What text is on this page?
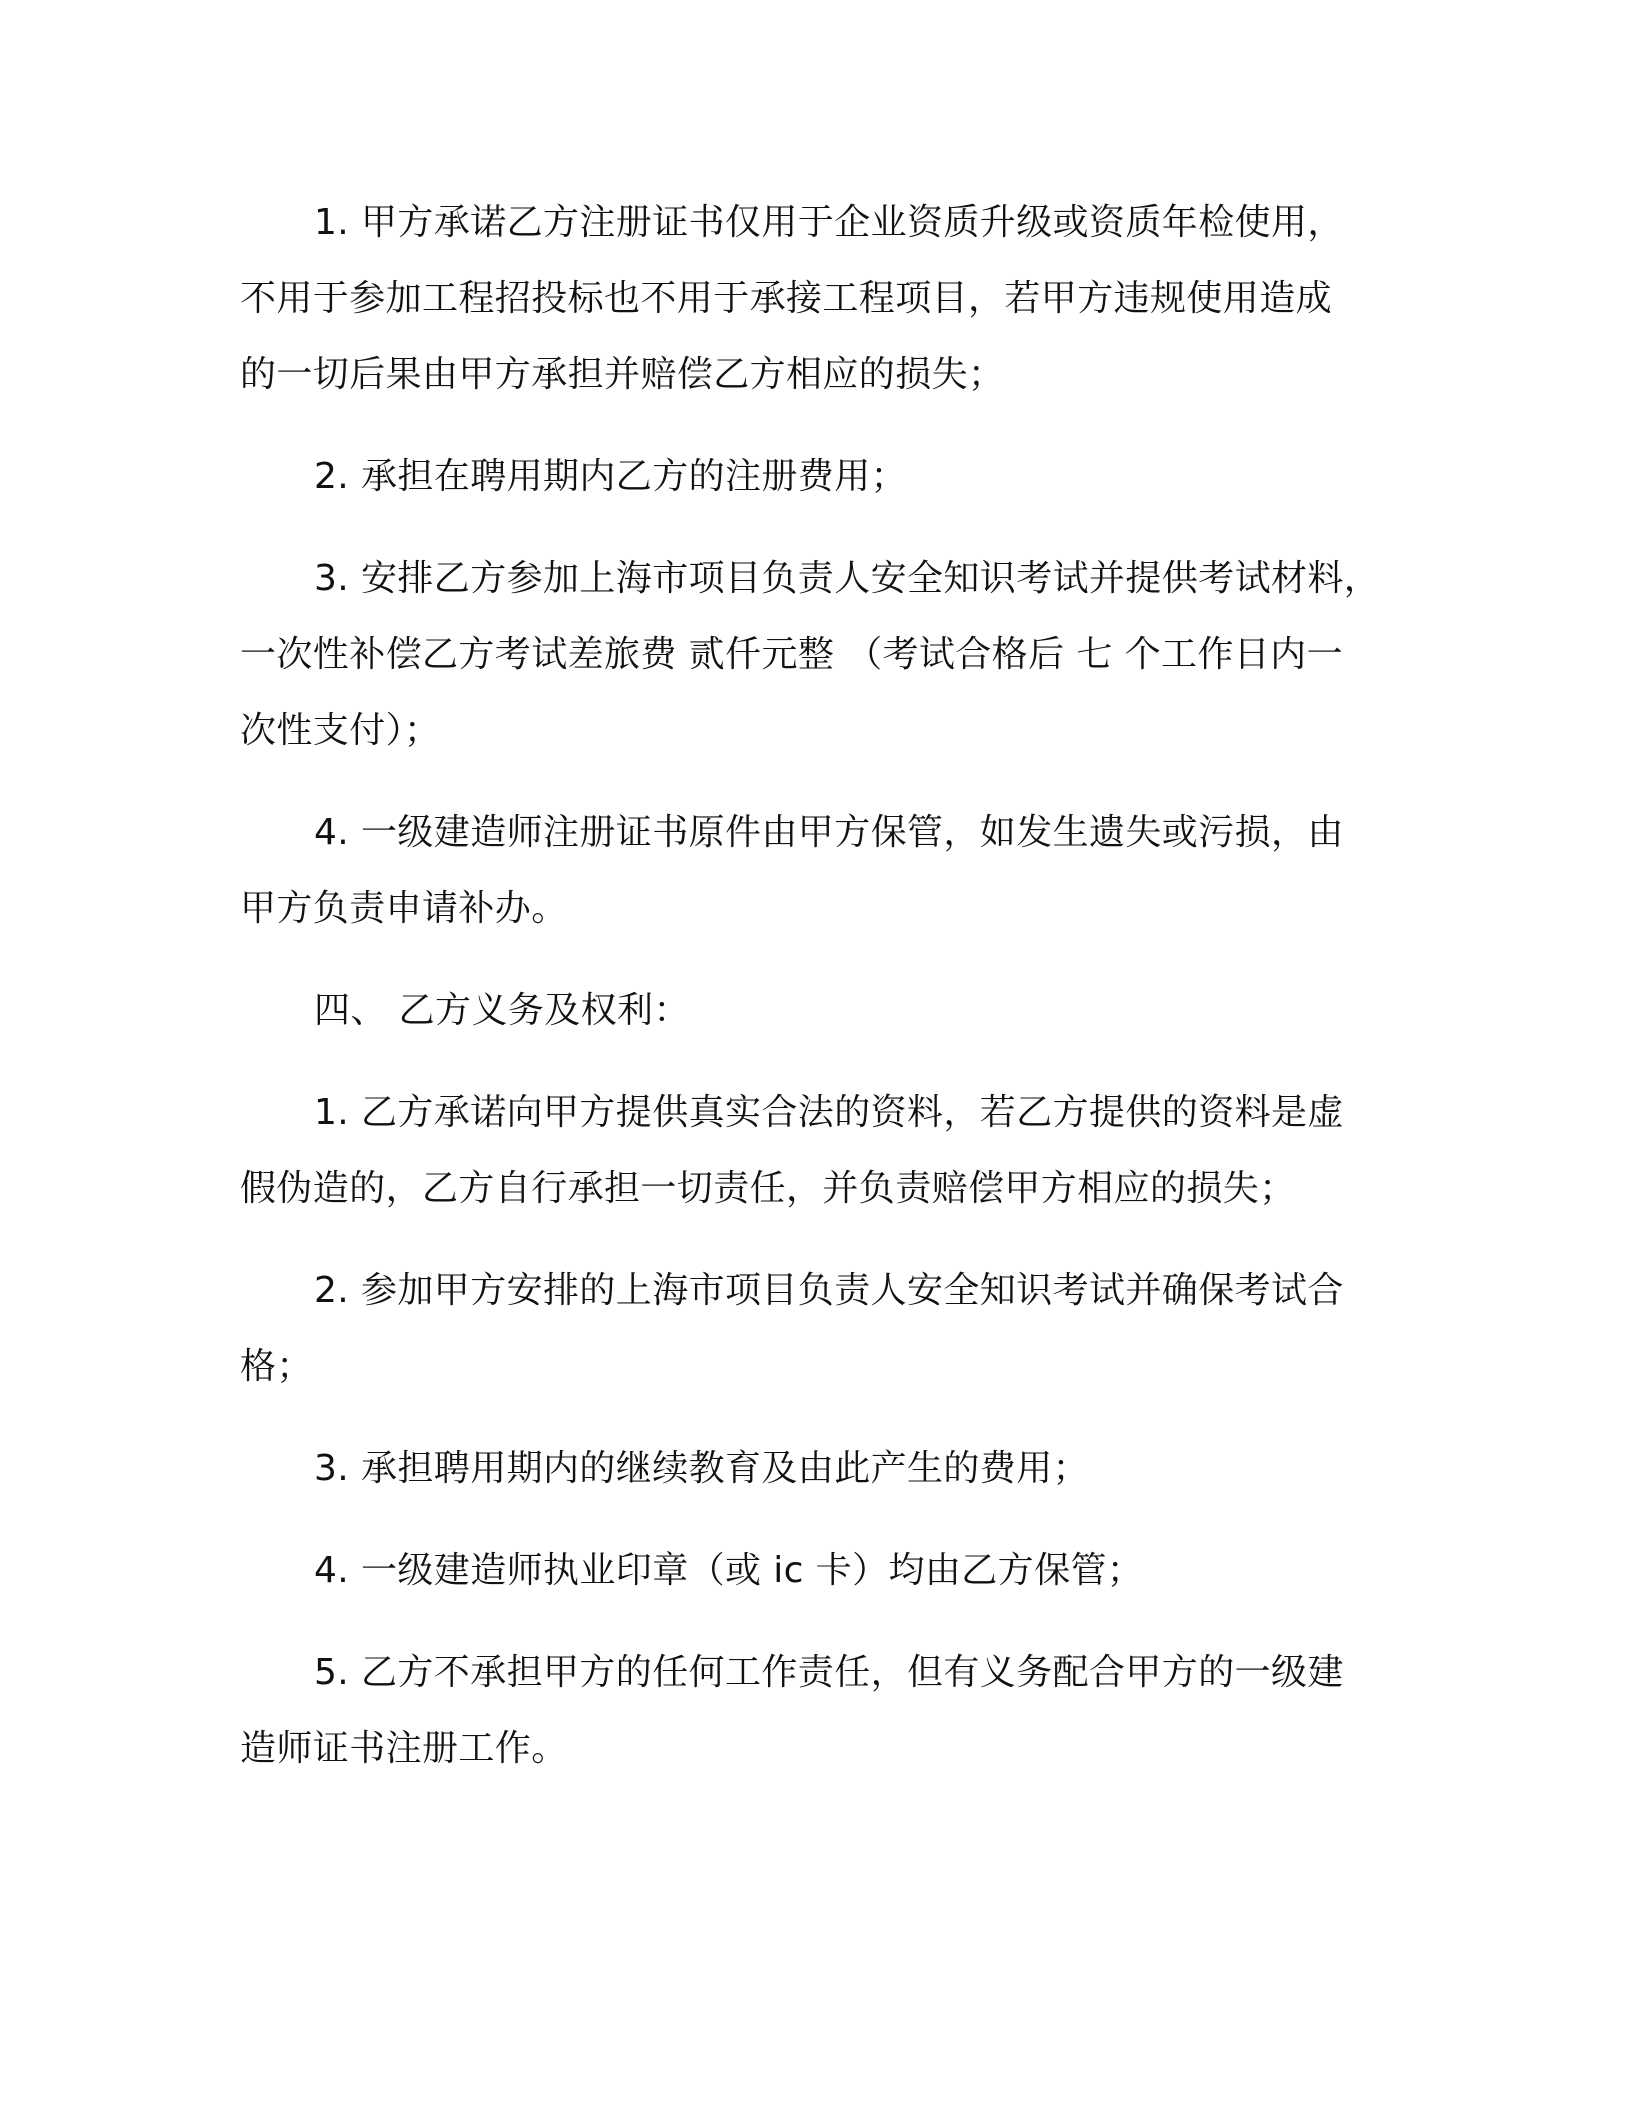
1. 甲方承诺乙方注册证书仅用于企业资质升级或资质年检使用，
不用于参加工程招投标也不用于承接工程项目，若甲方违规使用造成
的一切后果由甲方承担并赔偿乙方相应的损失；

2. 承担在聘用期内乙方的注册费用；

3. 安排乙方参加上海市项目负责人安全知识考试并提供考试材料，
一次性补偿乙方考试差旅费 贰仟元整 （考试合格后 七 个工作日内一
次性支付）；

4. 一级建造师注册证书原件由甲方保管，如发生遗失或污损，由
甲方负责申请补办。

四、 乙方义务及权利：

1. 乙方承诺向甲方提供真实合法的资料，若乙方提供的资料是虚
假伪造的，乙方自行承担一切责任，并负责赔偿甲方相应的损失；

2. 参加甲方安排的上海市项目负责人安全知识考试并确保考试合
格；

3. 承担聘用期内的继续教育及由此产生的费用；

4. 一级建造师执业印章（或 ic 卡）均由乙方保管；

5. 乙方不承担甲方的任何工作责任，但有义务配合甲方的一级建
造师证书注册工作。
